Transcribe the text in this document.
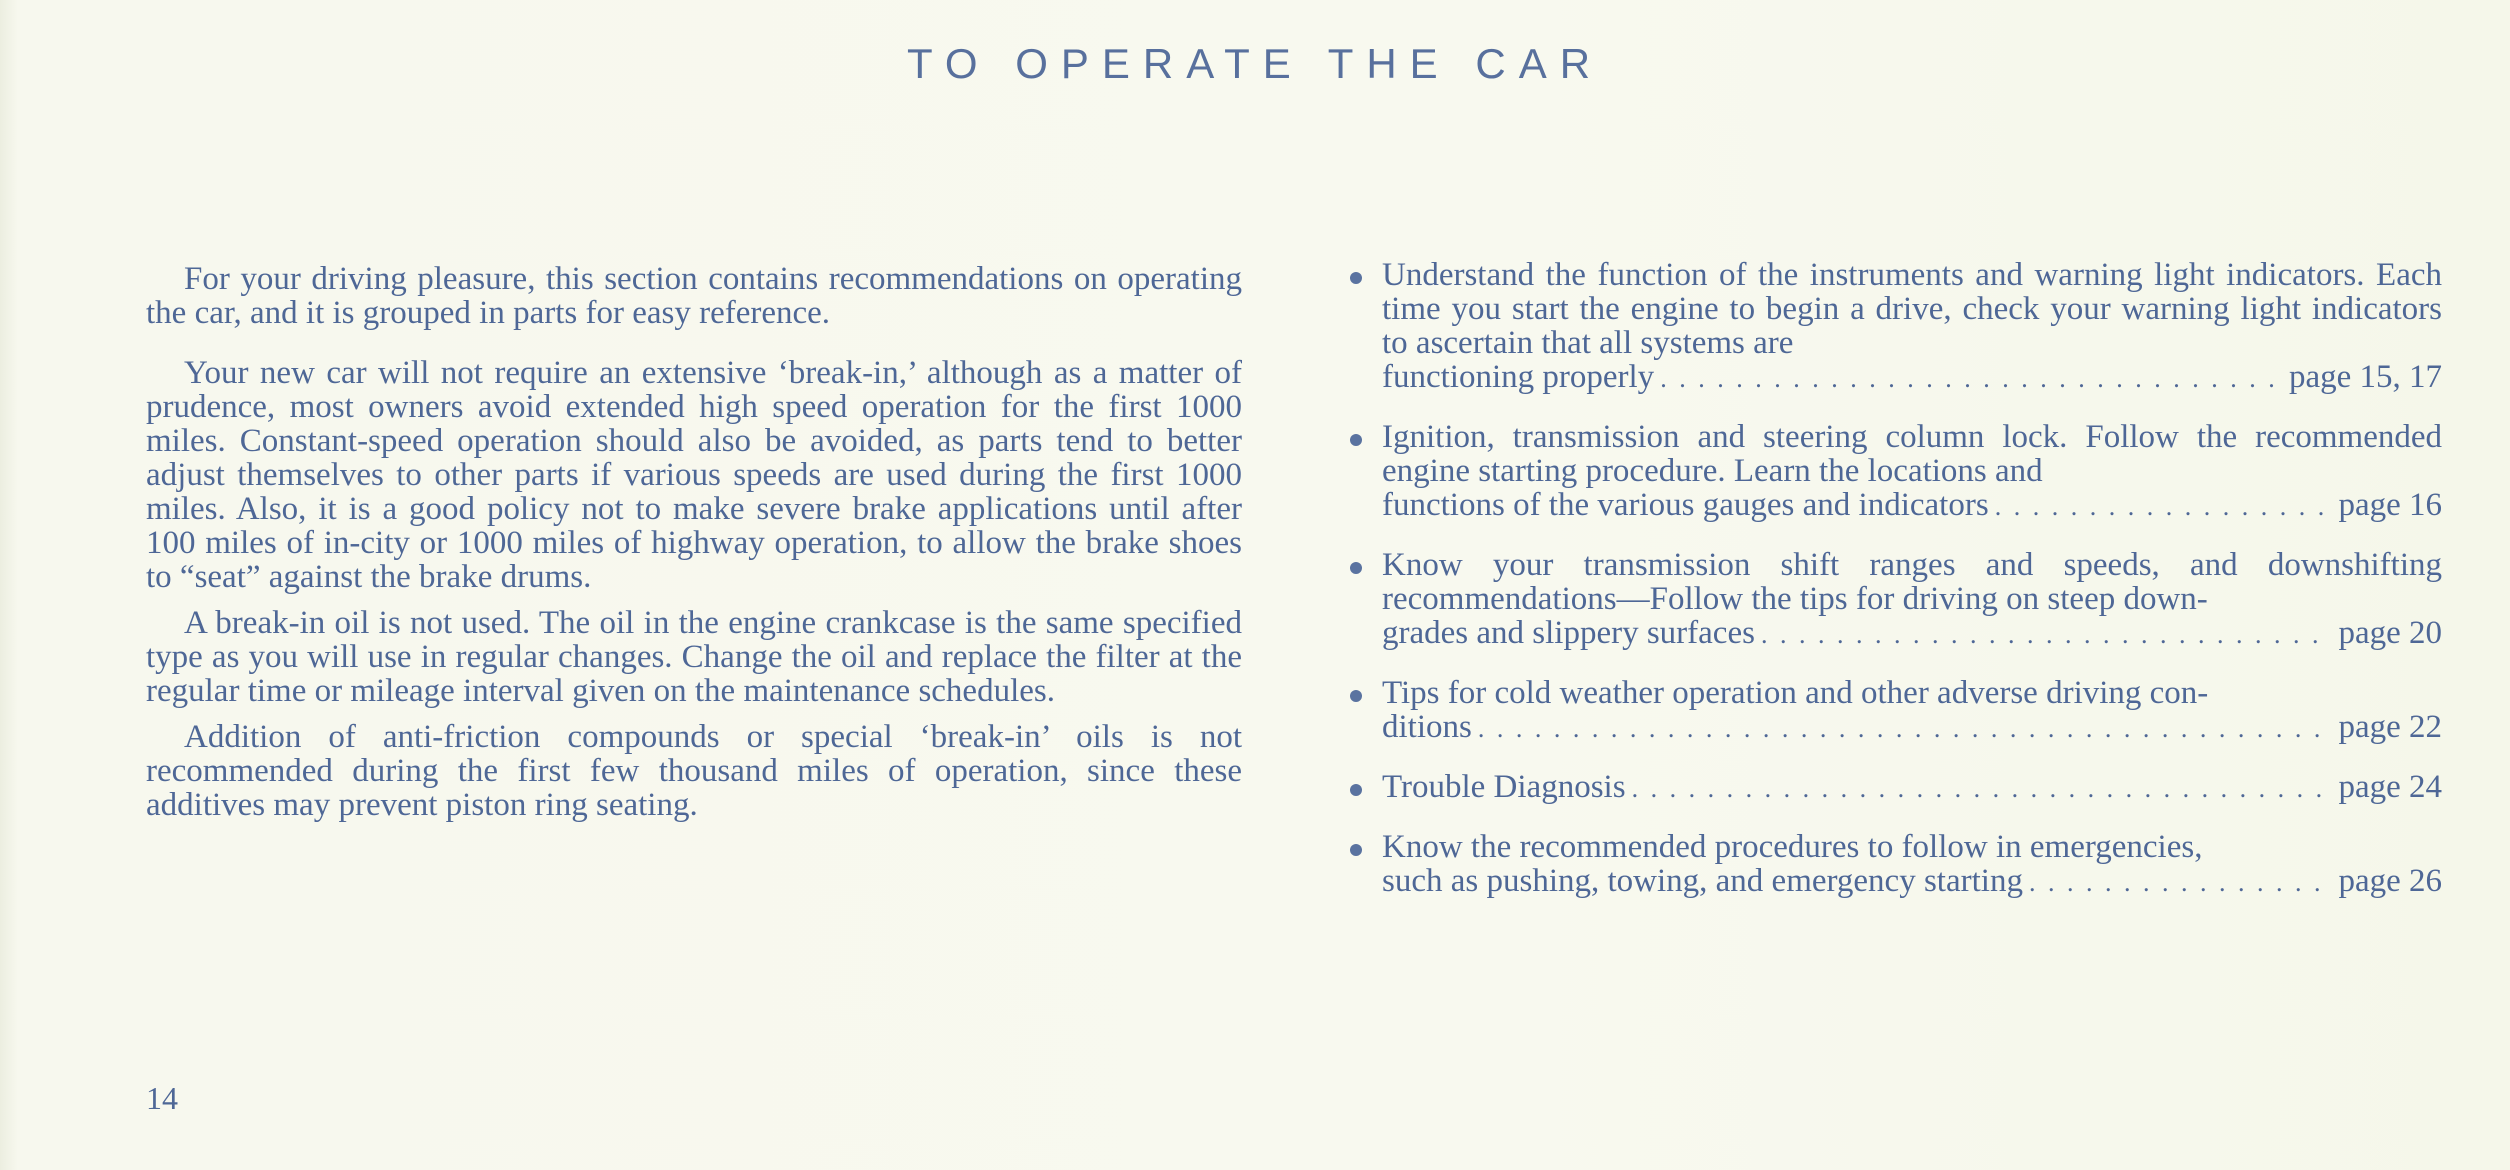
TO OPERATE THE CAR

For your driving pleasure, this section contains recommendations on operating the car, and it is grouped in parts for easy reference.

Your new car will not require an extensive ‘break-in,’ although as a matter of prudence, most owners avoid extended high speed operation for the first 1000 miles. Constant-speed operation should also be avoided, as parts tend to better adjust themselves to other parts if various speeds are used during the first 1000 miles. Also, it is a good policy not to make severe brake applications until after 100 miles of in-city or 1000 miles of highway operation, to allow the brake shoes to “seat” against the brake drums.

A break-in oil is not used. The oil in the engine crankcase is the same specified type as you will use in regular changes. Change the oil and replace the filter at the regular time or mileage interval given on the maintenance schedules.

Addition of anti-friction compounds or special ‘break-in’ oils is not recommended during the first few thousand miles of operation, since these additives may prevent piston ring seating.

Understand the function of the instruments and warning light indicators. Each time you start the engine to begin a drive, check your warning light indicators to ascertain that all systems are
functioning properly . . .	page 15, 17
Ignition, transmission and steering column lock. Follow the recommended engine starting procedure. Learn the locations and
functions of the various gauges and indicators . . .	page 16
Know your transmission shift ranges and speeds, and downshifting recommendations—Follow the tips for driving on steep down-
grades and slippery surfaces . . .	page 20
Tips for cold weather operation and other adverse driving con-
ditions . . .	page 22
Trouble Diagnosis . . .	page 24
Know the recommended procedures to follow in emergencies,
such as pushing, towing, and emergency starting . . .	page 26
14
